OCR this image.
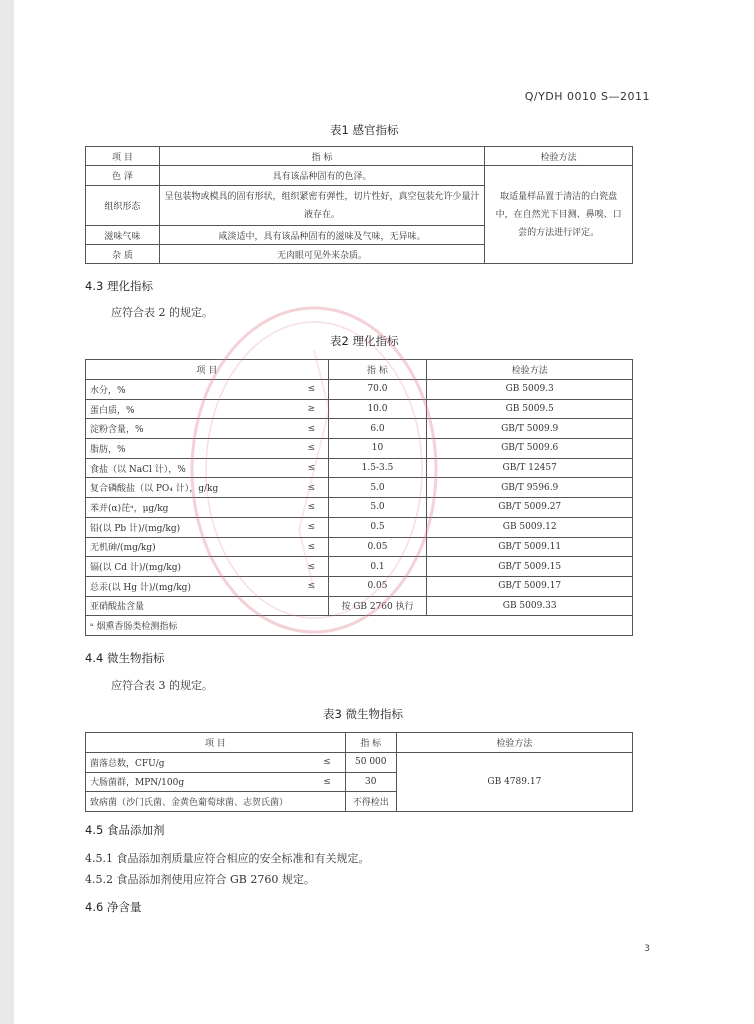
Q/YDH 0010 S—2011
表1 感官指标
项 目	指 标	检验方法
色 泽	具有该品种固有的色泽。	取适量样品置于清洁的白瓷盘中，在自然光下目测、鼻嗅、口尝的方法进行评定。
组织形态	呈包装物或模具的固有形状，组织紧密有弹性，切片性好，真空包装允许少量汁液存在。	
滋味气味	咸淡适中，具有该品种固有的滋味及气味，无异味。	
杂 质	无肉眼可见外来杂质。	
4.3 理化指标
应符合表 2 的规定。
表2 理化指标
项 目		指 标	检验方法
水分，%	≤	70.0	GB 5009.3
蛋白质，%	≥	10.0	GB 5009.5
淀粉含量，%	≤	6.0	GB/T 5009.9
脂肪，%	≤	10	GB/T 5009.6
食盐（以 NaCl 计），%	≤	1.5-3.5	GB/T 12457
复合磷酸盐（以 PO₄ 计），g/kg	≤	5.0	GB/T 9596.9
苯并(α)芘ᵃ，μg/kg	≤	5.0	GB/T 5009.27
铅(以 Pb 计)/(mg/kg)	≤	0.5	GB 5009.12
无机砷/(mg/kg)	≤	0.05	GB/T 5009.11
镉(以 Cd 计)/(mg/kg)	≤	0.1	GB/T 5009.15
总汞(以 Hg 计)/(mg/kg)	≤	0.05	GB/T 5009.17
亚硝酸盐含量		按 GB 2760 执行	GB 5009.33
ᵃ 烟熏香肠类检测指标			
4.4 微生物指标
应符合表 3 的规定。
表3 微生物指标
项 目		指 标	检验方法
菌落总数，CFU/g	≤	50 000	GB 4789.17
大肠菌群，MPN/100g	≤	30	
致病菌（沙门氏菌、金黄色葡萄球菌、志贺氏菌）		不得检出	
4.5 食品添加剂
4.5.1 食品添加剂质量应符合相应的安全标准和有关规定。
4.5.2 食品添加剂使用应符合 GB 2760 规定。
4.6 净含量
3
